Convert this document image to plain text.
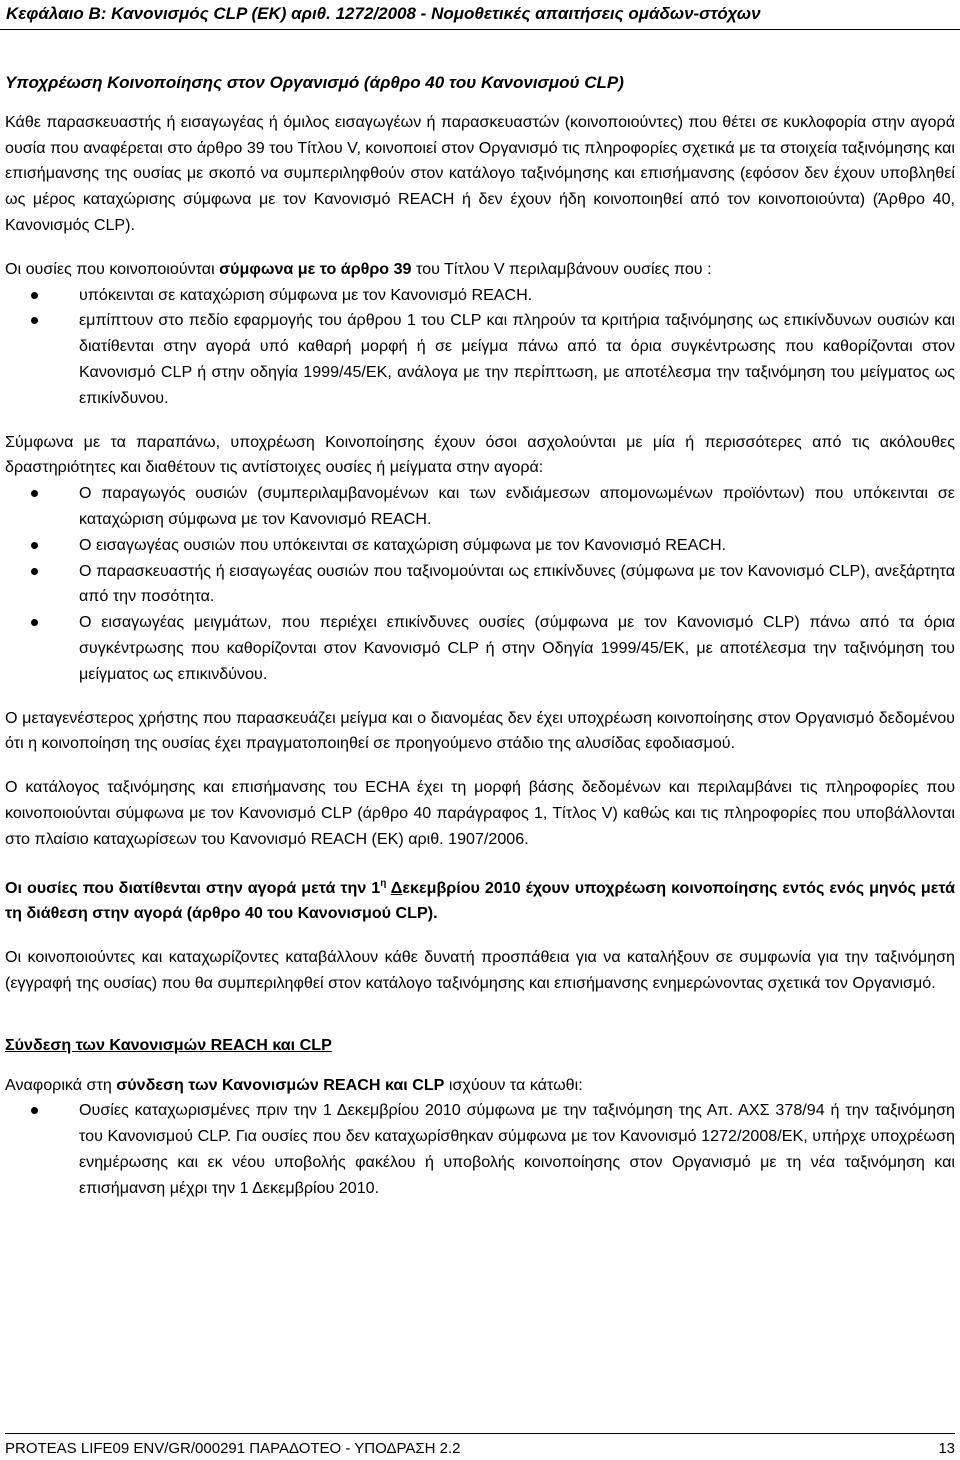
Κεφάλαιο Β: Κανονισμός CLP (ΕΚ) αριθ. 1272/2008 - Νομοθετικές απαιτήσεις ομάδων-στόχων
Υποχρέωση Κοινοποίησης στον Οργανισμό (άρθρο 40 του Κανονισμού CLP)

Κάθε παρασκευαστής ή εισαγωγέας ή όμιλος εισαγωγέων ή παρασκευαστών (κοινοποιούντες) που θέτει σε κυκλοφορία στην αγορά ουσία που αναφέρεται στο άρθρο 39 του Τίτλου V, κοινοποιεί στον Οργανισμό τις πληροφορίες σχετικά με τα στοιχεία ταξινόμησης και επισήμανσης της ουσίας με σκοπό να συμπεριληφθούν στον κατάλογο ταξινόμησης και επισήμανσης (εφόσον δεν έχουν υποβληθεί ως μέρος καταχώρισης σύμφωνα με τον Κανονισμό REACH ή δεν έχουν ήδη κοινοποιηθεί από τον κοινοποιούντα) (Άρθρο 40, Κανονισμός CLP).

Οι ουσίες που κοινοποιούνται σύμφωνα με το άρθρο 39 του Τίτλου V περιλαμβάνουν ουσίες που :

υπόκεινται σε καταχώριση σύμφωνα με τον Κανονισμό REACH.
εμπίπτουν στο πεδίο εφαρμογής του άρθρου 1 του CLP και πληρούν τα κριτήρια ταξινόμησης ως επικίνδυνων ουσιών και διατίθενται στην αγορά υπό καθαρή μορφή ή σε μείγμα πάνω από τα όρια συγκέντρωσης που καθορίζονται στον Κανονισμό CLP ή στην οδηγία 1999/45/ΕΚ, ανάλογα με την περίπτωση, με αποτέλεσμα την ταξινόμηση του μείγματος ως επικίνδυνου.

Σύμφωνα με τα παραπάνω, υποχρέωση Κοινοποίησης έχουν όσοι ασχολούνται με μία ή περισσότερες από τις ακόλουθες δραστηριότητες και διαθέτουν τις αντίστοιχες ουσίες ή μείγματα στην αγορά:

Ο παραγωγός ουσιών (συμπεριλαμβανομένων και των ενδιάμεσων απομονωμένων προϊόντων) που υπόκεινται σε καταχώριση σύμφωνα με τον Κανονισμό REACH.
Ο εισαγωγέας ουσιών που υπόκεινται σε καταχώριση σύμφωνα με τον Κανονισμό REACH.
Ο παρασκευαστής ή εισαγωγέας ουσιών που ταξινομούνται ως επικίνδυνες (σύμφωνα με τον Κανονισμό CLP), ανεξάρτητα από την ποσότητα.
Ο εισαγωγέας μειγμάτων, που περιέχει επικίνδυνες ουσίες (σύμφωνα με τον Κανονισμό CLP) πάνω από τα όρια συγκέντρωσης που καθορίζονται στον Κανονισμό CLP ή στην Οδηγία 1999/45/ΕΚ, με αποτέλεσμα την ταξινόμηση του μείγματος ως επικινδύνου.

Ο μεταγενέστερος χρήστης που παρασκευάζει μείγμα και ο διανομέας δεν έχει υποχρέωση κοινοποίησης στον Οργανισμό δεδομένου ότι η κοινοποίηση της ουσίας έχει πραγματοποιηθεί σε προηγούμενο στάδιο της αλυσίδας εφοδιασμού.

Ο κατάλογος ταξινόμησης και επισήμανσης του ECHA έχει τη μορφή βάσης δεδομένων και περιλαμβάνει τις πληροφορίες που κοινοποιούνται σύμφωνα με τον Κανονισμό CLP (άρθρο 40 παράγραφος 1, Τίτλος V) καθώς και τις πληροφορίες που υποβάλλονται στο πλαίσιο καταχωρίσεων του Κανονισμό REACH (ΕΚ) αριθ. 1907/2006.

Οι ουσίες που διατίθενται στην αγορά μετά την $1^\eta$ Δεκεμβρίου 2010 έχουν υποχρέωση κοινοποίησης εντός ενός μηνός μετά τη διάθεση στην αγορά (άρθρο 40 του Κανονισμού CLP).

Οι κοινοποιούντες και καταχωρίζοντες καταβάλλουν κάθε δυνατή προσπάθεια για να καταλήξουν σε συμφωνία για την ταξινόμηση (εγγραφή της ουσίας) που θα συμπεριληφθεί στον κατάλογο ταξινόμησης και επισήμανσης ενημερώνοντας σχετικά τον Οργανισμό.

Σύνδεση των Κανονισμών REACH και CLP

Αναφορικά στη σύνδεση των Κανονισμών REACH και CLP ισχύουν τα κάτωθι:

Ουσίες καταχωρισμένες πριν την 1 Δεκεμβρίου 2010 σύμφωνα με την ταξινόμηση της Απ. ΑΧΣ 378/94 ή την ταξινόμηση του Κανονισμού CLP. Για ουσίες που δεν καταχωρίσθηκαν σύμφωνα με τον Κανονισμό 1272/2008/ΕΚ, υπήρχε υποχρέωση ενημέρωσης και εκ νέου υποβολής φακέλου ή υποβολής κοινοποίησης στον Οργανισμό με τη νέα ταξινόμηση και επισήμανση μέχρι την 1 Δεκεμβρίου 2010.
PROTEAS LIFE09 ENV/GR/000291 ΠΑΡΑΔΟΤΕΟ - ΥΠΟΔΡΑΣΗ 2.2	13
